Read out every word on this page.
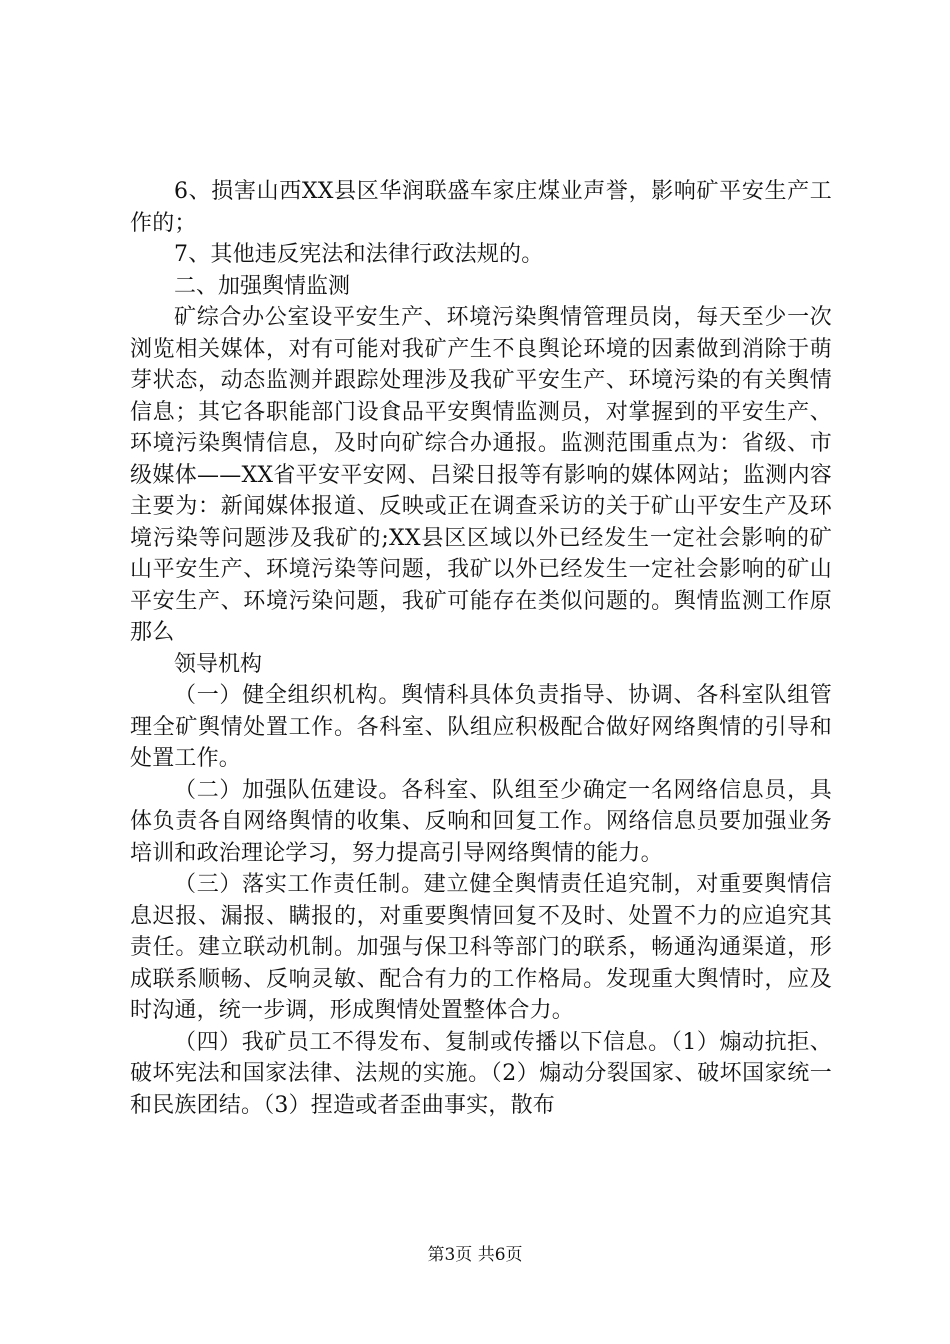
6、损害山西XX县区华润联盛车家庄煤业声誉，影响矿平安生产工作的；

7、其他违反宪法和法律行政法规的。

二、加强舆情监测

矿综合办公室设平安生产、环境污染舆情管理员岗，每天至少一次浏览相关媒体，对有可能对我矿产生不良舆论环境的因素做到消除于萌芽状态，动态监测并跟踪处理涉及我矿平安生产、环境污染的有关舆情信息；其它各职能部门设食品平安舆情监测员，对掌握到的平安生产、环境污染舆情信息，及时向矿综合办通报。监测范围重点为：省级、市级媒体——XX省平安平安网、吕梁日报等有影响的媒体网站；监测内容主要为：新闻媒体报道、反映或正在调查采访的关于矿山平安生产及环境污染等问题涉及我矿的;XX县区区域以外已经发生一定社会影响的矿山平安生产、环境污染等问题，我矿以外已经发生一定社会影响的矿山平安生产、环境污染问题，我矿可能存在类似问题的。舆情监测工作原那么

领导机构

（一）健全组织机构。舆情科具体负责指导、协调、各科室队组管理全矿舆情处置工作。各科室、队组应积极配合做好网络舆情的引导和处置工作。

（二）加强队伍建设。各科室、队组至少确定一名网络信息员，具体负责各自网络舆情的收集、反响和回复工作。网络信息员要加强业务培训和政治理论学习，努力提高引导网络舆情的能力。

（三）落实工作责任制。建立健全舆情责任追究制，对重要舆情信息迟报、漏报、瞒报的，对重要舆情回复不及时、处置不力的应追究其责任。建立联动机制。加强与保卫科等部门的联系，畅通沟通渠道，形成联系顺畅、反响灵敏、配合有力的工作格局。发现重大舆情时，应及时沟通，统一步调，形成舆情处置整体合力。

（四）我矿员工不得发布、复制或传播以下信息。（1）煽动抗拒、破坏宪法和国家法律、法规的实施。（2）煽动分裂国家、破坏国家统一和民族团结。（3）捏造或者歪曲事实，散布

第3页 共6页
